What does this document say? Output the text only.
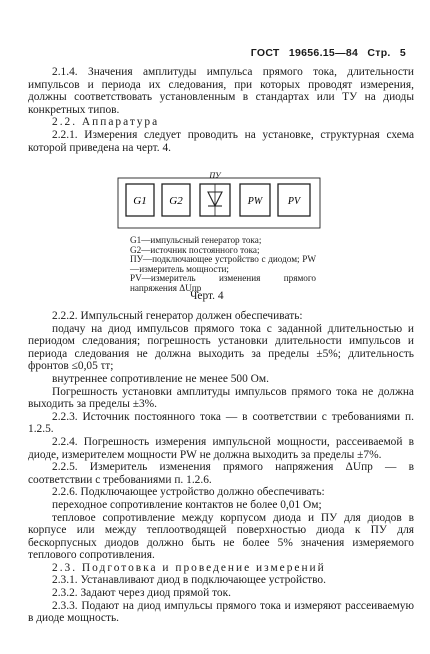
ГОСТ 19656.15—84 Стр. 5

2.1.4. Значения амплитуды импульса прямого тока, длительности импульсов и периода их следования, при которых проводят измерения, должны соответствовать установленным в стандартах или ТУ на диоды конкретных типов.

2.2. Аппаратура

2.2.1. Измерения следует проводить на установке, структурная схема которой приведена на черт. 4.

G1 G2
ПУ
PW	PV
G1—импульсный генератор тока;
G2—источник постоянного тока;
ПУ—подключающее устройство с диодом; PW—измеритель мощности;
PV—измеритель изменения прямого напряжения ΔUпр
Черт. 4

2.2.2. Импульсный генератор должен обеспечивать:

подачу на диод импульсов прямого тока с заданной длительностью и периодом следования; погрешность установки длительности импульсов и периода следования не должна выходить за пределы ±5%; длительность фронтов ≤0,05 τт;

внутреннее сопротивление не менее 500 Ом.

Погрешность установки амплитуды импульсов прямого тока не должна выходить за пределы ±3%.

2.2.3. Источник постоянного тока — в соответствии с требованиями п. 1.2.5.

2.2.4. Погрешность измерения импульсной мощности, рассеиваемой в диоде, измерителем мощности PW не должна выходить за пределы ±7%.

2.2.5. Измеритель изменения прямого напряжения ΔUпр — в соответствии с требованиями п. 1.2.6.

2.2.6. Подключающее устройство должно обеспечивать:

переходное сопротивление контактов не более 0,01 Ом;

тепловое сопротивление между корпусом диода и ПУ для диодов в корпусе или между теплоотводящей поверхностью диода к ПУ для бескорпусных диодов должно быть не более 5% значения измеряемого теплового сопротивления.

2.3. Подготовка и проведение измерений

2.3.1. Устанавливают диод в подключающее устройство.

2.3.2. Задают через диод прямой ток.

2.3.3. Подают на диод импульсы прямого тока и измеряют рассеиваемую в диоде мощность.
